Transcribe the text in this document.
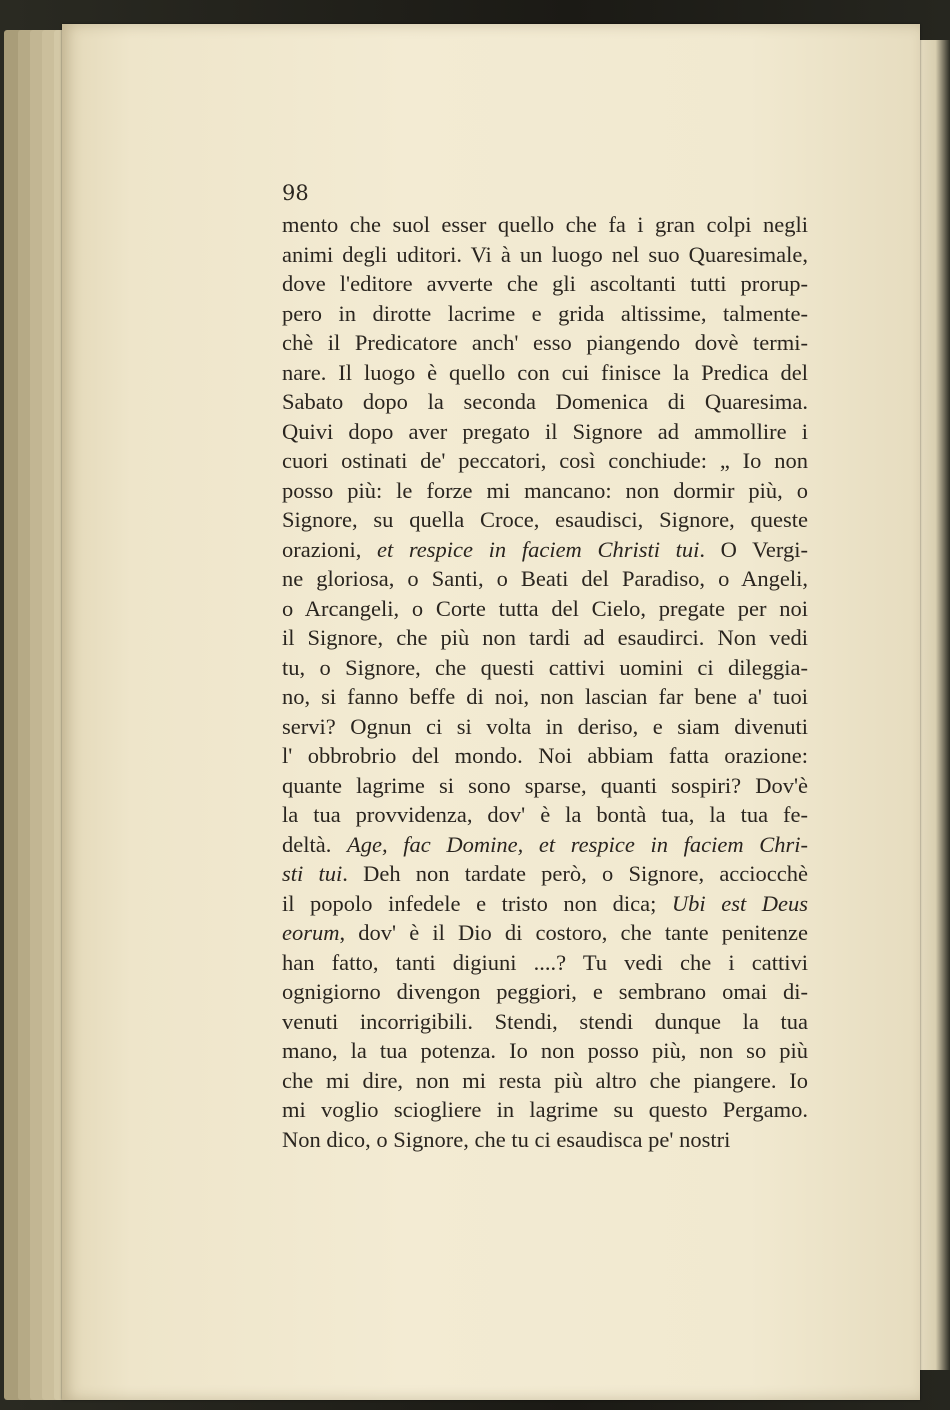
98
mento che suol esser quello che fa i gran colpi negli
animi degli uditori. Vi à un luogo nel suo Quaresimale,
dove l'editore avverte che gli ascoltanti tutti prorup-
pero in dirotte lacrime e grida altissime, talmente-
chè il Predicatore anch' esso piangendo dovè termi-
nare. Il luogo è quello con cui finisce la Predica del
Sabato dopo la seconda Domenica di Quaresima.
Quivi dopo aver pregato il Signore ad ammollire i
cuori ostinati de' peccatori, così conchiude: „ Io non
posso più: le forze mi mancano: non dormir più, o
Signore, su quella Croce, esaudisci, Signore, queste
orazioni, et respice in faciem Christi tui. O Vergi-
ne gloriosa, o Santi, o Beati del Paradiso, o Angeli,
o Arcangeli, o Corte tutta del Cielo, pregate per noi
il Signore, che più non tardi ad esaudirci. Non vedi
tu, o Signore, che questi cattivi uomini ci dileggia-
no, si fanno beffe di noi, non lascian far bene a' tuoi
servi? Ognun ci si volta in deriso, e siam divenuti
l' obbrobrio del mondo. Noi abbiam fatta orazione:
quante lagrime si sono sparse, quanti sospiri? Dov'è
la tua provvidenza, dov' è la bontà tua, la tua fe-
deltà. Age, fac Domine, et respice in faciem Chri-
sti tui. Deh non tardate però, o Signore, acciocchè
il popolo infedele e tristo non dica; Ubi est Deus
eorum, dov' è il Dio di costoro, che tante penitenze
han fatto, tanti digiuni ....? Tu vedi che i cattivi
ognigiorno divengon peggiori, e sembrano omai di-
venuti incorrigibili. Stendi, stendi dunque la tua
mano, la tua potenza. Io non posso più, non so più
che mi dire, non mi resta più altro che piangere. Io
mi voglio sciogliere in lagrime su questo Pergamo.
Non dico, o Signore, che tu ci esaudisca pe' nostri
